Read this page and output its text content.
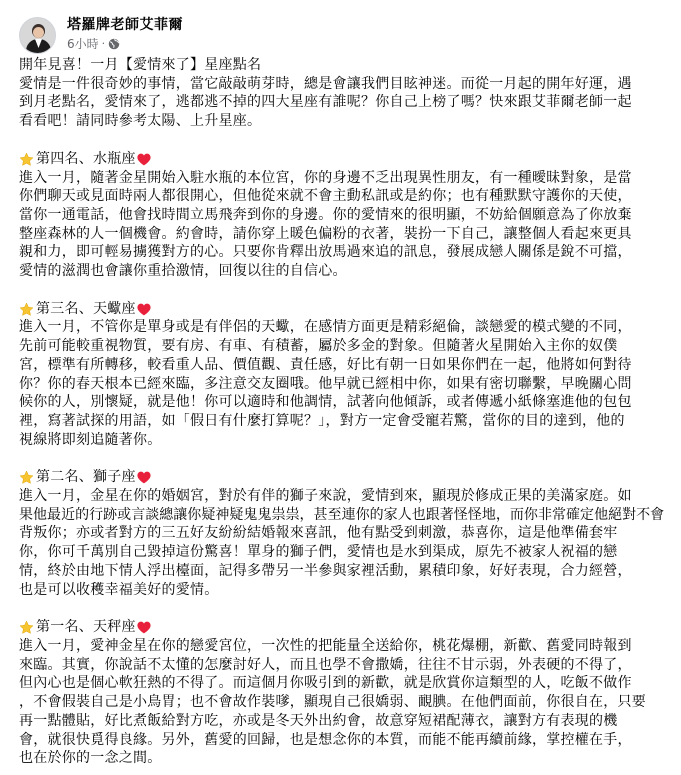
塔羅牌老師艾菲爾
6小時 ·
開年見喜！一月【愛情來了】星座點名
愛情是一件很奇妙的事情，當它敲敲萌芽時，總是會讓我們目眩神迷。而從一月起的開年好運，遇
到月老點名，愛情來了，逃都逃不掉的四大星座有誰呢？你自己上榜了嗎？快來跟艾菲爾老師一起
看看吧！請同時參考太陽、上升星座。
第四名、水瓶座
進入一月，隨著金星開始入駐水瓶的本位宮，你的身邊不乏出現異性朋友，有一種曖昧對象，是當
你們聊天或見面時兩人都很開心，但他從來就不會主動私訊或是約你；也有種默默守護你的天使，
當你一通電話，他會找時間立馬飛奔到你的身邊。你的愛情來的很明顯，不妨給個願意為了你放棄
整座森林的人一個機會。約會時，請你穿上暖色偏粉的衣著，裝扮一下自己，讓整個人看起來更具
親和力，即可輕易擄獲對方的心。只要你肯釋出放馬過來追的訊息，發展成戀人關係是銳不可擋，
愛情的滋潤也會讓你重拾激情，回復以往的自信心。
第三名、天蠍座
進入一月，不管你是單身或是有伴侶的天蠍，在感情方面更是精彩絕倫，談戀愛的模式變的不同，
先前可能較重視物質，要有房、有車、有積蓄，屬於多金的對象。但隨著火星開始入主你的奴僕
宮，標準有所轉移，較看重人品、價值觀、責任感，好比有朝一日如果你們在一起，他將如何對待
你？你的春天根本已經來臨，多注意交友圈哦。他早就已經相中你，如果有密切聯繫，早晚關心問
候你的人，別懷疑，就是他！你可以適時和他調情，試著向他傾訴，或者傳遞小紙條塞進他的包包
裡，寫著試探的用語，如「假日有什麼打算呢？」，對方一定會受寵若驚，當你的目的達到，他的
視線將即刻追隨著你。
第二名、獅子座
進入一月，金星在你的婚姻宮，對於有伴的獅子來說，愛情到來，顯現於修成正果的美滿家庭。如
果他最近的行跡或言談總讓你疑神疑鬼鬼祟祟，甚至連你的家人也跟著怪怪地，而你非常確定他絕對不會
背叛你；亦或者對方的三五好友紛紛結婚報來喜訊，他有點受到刺激，恭喜你，這是他準備套牢
你，你可千萬別自己毀掉這份驚喜！單身的獅子們，愛情也是水到渠成，原先不被家人祝福的戀
情，終於由地下情人浮出檯面，記得多帶另一半參與家裡活動，累積印象，好好表現，合力經營，
也是可以收穫幸福美好的愛情。
第一名、天秤座
進入一月，愛神金星在你的戀愛宮位，一次性的把能量全送給你，桃花爆棚，新歡、舊愛同時報到
來臨。其實，你說話不太懂的怎麼討好人，而且也學不會撒嬌，往往不甘示弱，外表硬的不得了，
但內心也是個心軟狂熱的不得了。而這個月你吸引到的新歡，就是欣賞你這類型的人，吃飯不做作
，不會假裝自己是小鳥胃；也不會故作裝嗲，顯現自己很嬌弱、靦腆。在他們面前，你很自在，只要
再一點體貼，好比煮飯給對方吃，亦或是冬天外出約會，故意穿短裙配薄衣，讓對方有表現的機
會，就很快覓得良緣。另外，舊愛的回歸，也是想念你的本質，而能不能再續前緣，掌控權在手，
也在於你的一念之間。
